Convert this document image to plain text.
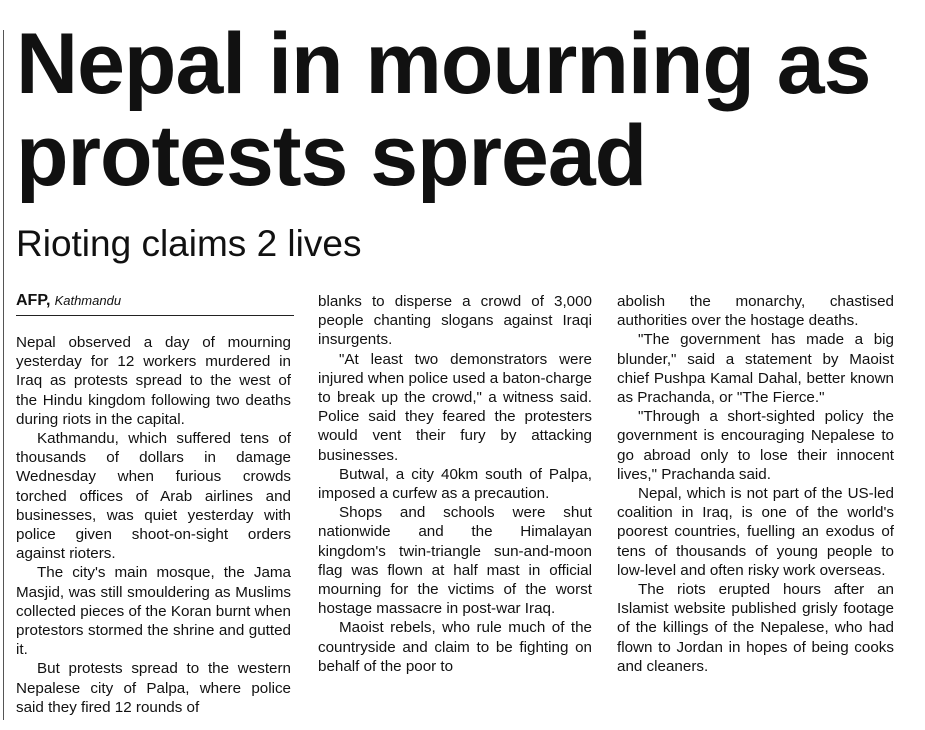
Nepal in mourning as
protests spread
Rioting claims 2 lives
AFP, Kathmandu

Nepal observed a day of mourning yesterday for 12 workers murdered in Iraq as protests spread to the west of the Hindu kingdom following two deaths during riots in the capital.

Kathmandu, which suffered tens of thousands of dollars in damage Wednesday when furious crowds torched offices of Arab airlines and businesses, was quiet yesterday with police given shoot-on-sight orders against rioters.

The city's main mosque, the Jama Masjid, was still smouldering as Muslims collected pieces of the Koran burnt when protestors stormed the shrine and gutted it.

But protests spread to the western Nepalese city of Palpa, where police said they fired 12 rounds of

blanks to disperse a crowd of 3,000 people chanting slogans against Iraqi insurgents.

"At least two demonstrators were injured when police used a baton-charge to break up the crowd," a witness said. Police said they feared the protesters would vent their fury by attacking businesses.

Butwal, a city 40km south of Palpa, imposed a curfew as a precaution.

Shops and schools were shut nationwide and the Himalayan kingdom's twin-triangle sun-and-moon flag was flown at half mast in official mourning for the victims of the worst hostage massacre in post-war Iraq.

Maoist rebels, who rule much of the countryside and claim to be fighting on behalf of the poor to

abolish the monarchy, chastised authorities over the hostage deaths.

"The government has made a big blunder," said a statement by Maoist chief Pushpa Kamal Dahal, better known as Prachanda, or "The Fierce."

"Through a short-sighted policy the government is encouraging Nepalese to go abroad only to lose their innocent lives," Prachanda said.

Nepal, which is not part of the US-led coalition in Iraq, is one of the world's poorest countries, fuelling an exodus of tens of thousands of young people to low-level and often risky work overseas.

The riots erupted hours after an Islamist website published grisly footage of the killings of the Nepalese, who had flown to Jordan in hopes of being cooks and cleaners.
